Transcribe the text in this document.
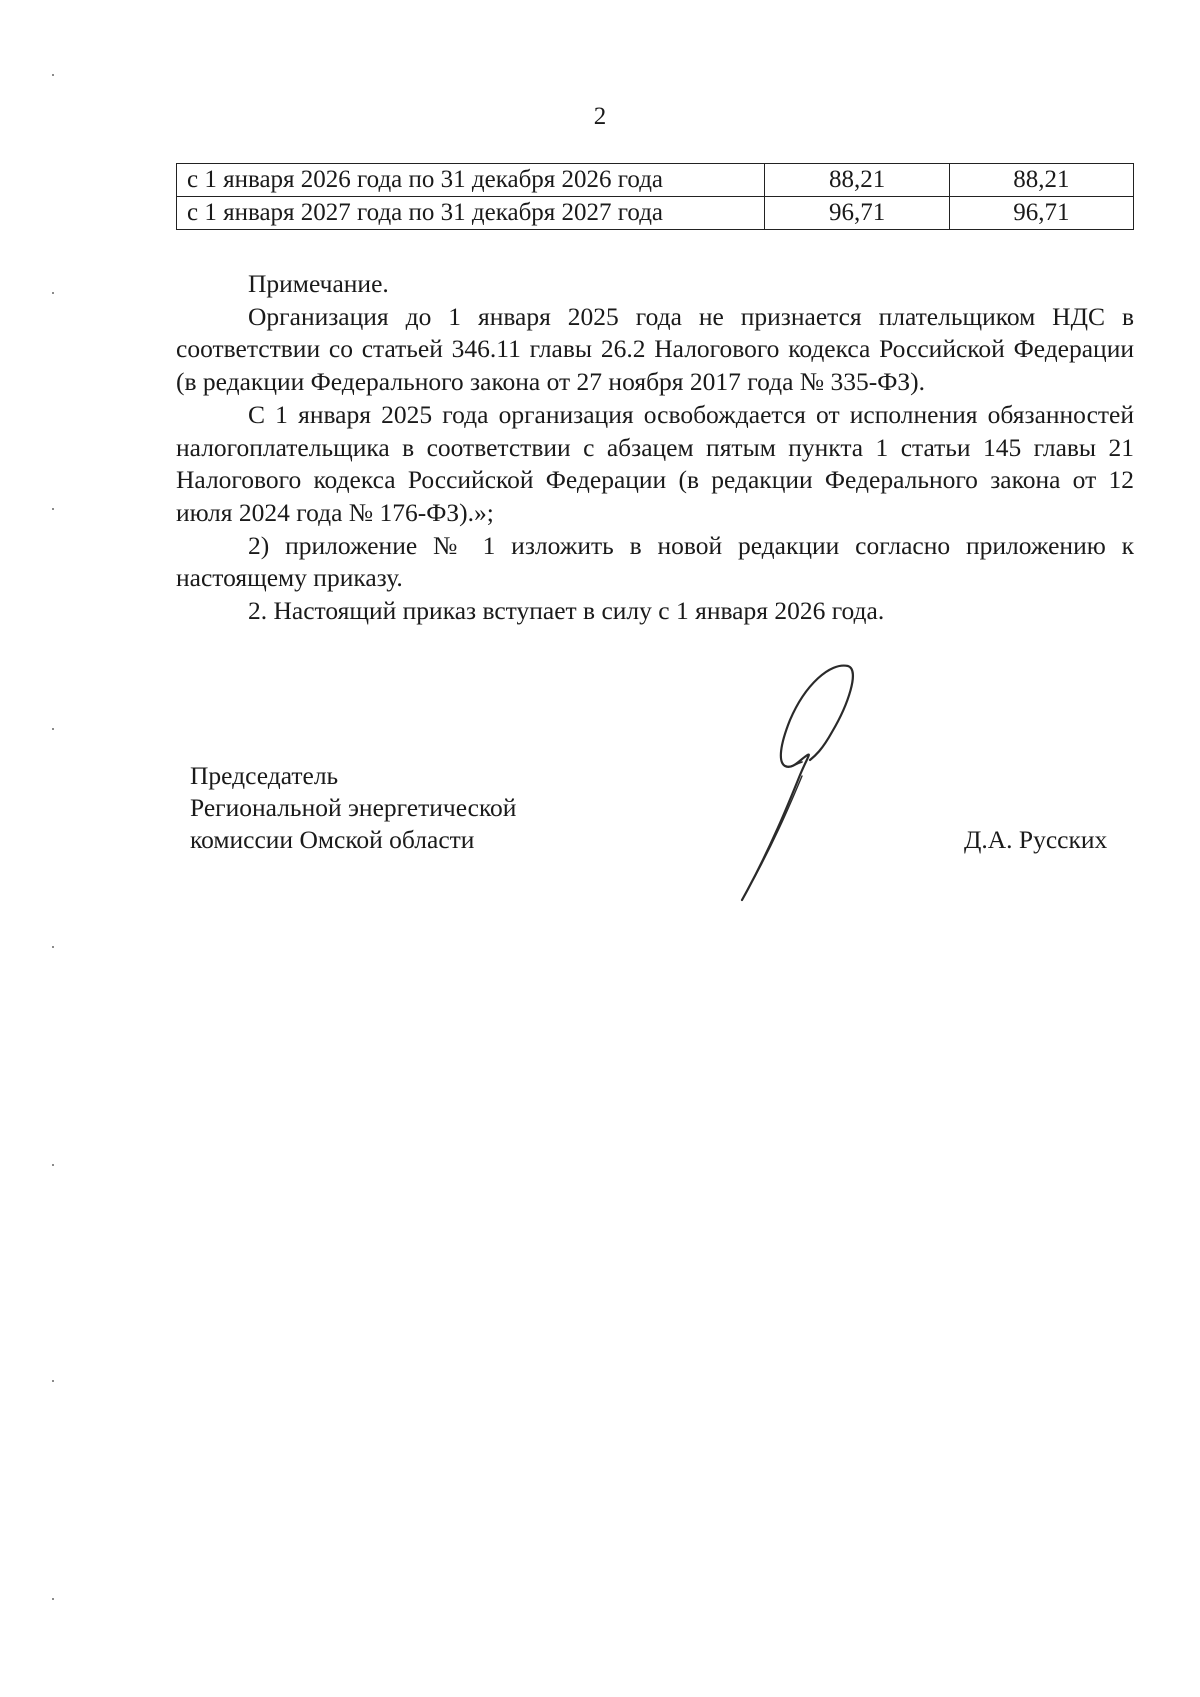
2
с 1 января 2026 года по 31 декабря 2026 года	88,21	88,21
с 1 января 2027 года по 31 декабря 2027 года	96,71	96,71

Примечание.

Организация до 1 января 2025 года не признается плательщиком НДС в соответствии со статьей 346.11 главы 26.2 Налогового кодекса Российской Федерации (в редакции Федерального закона от 27 ноября 2017 года № 335-ФЗ).

С 1 января 2025 года организация освобождается от исполнения обязанностей налогоплательщика в соответствии с абзацем пятым пункта 1 статьи 145 главы 21 Налогового кодекса Российской Федерации (в редакции Федерального закона от 12 июля 2024 года № 176-ФЗ).»;

2) приложение № 1 изложить в новой редакции согласно приложению к настоящему приказу.

2. Настоящий приказ вступает в силу с 1 января 2026 года.

Председатель
Региональной энергетической
комиссии Омской области	Д.А. Русских
